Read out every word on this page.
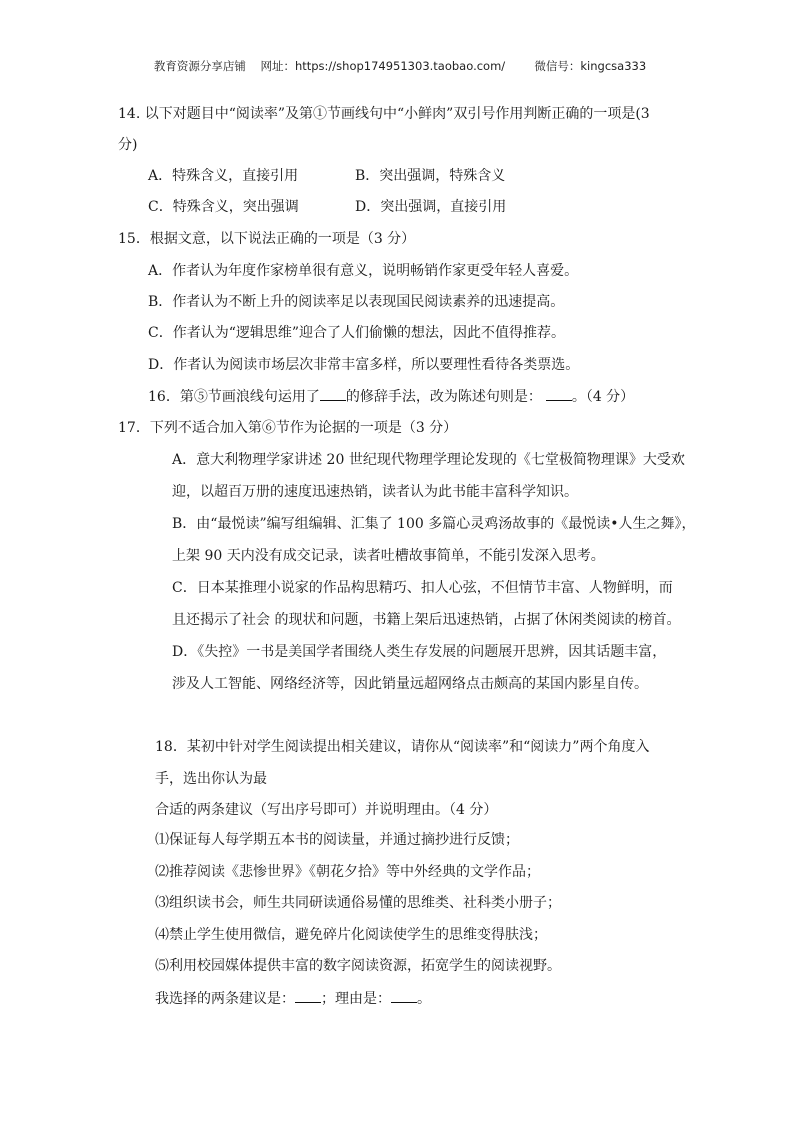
教育资源分享店铺    网址：https://shop174951303.taobao.com/        微信号：kingcsa333
14. 以下对题目中“阅读率”及第①节画线句中“小鲜肉”双引号作用判断正确的一项是(3
分)
A．特殊含义，直接引用	B．突出强调，特殊含义
C．特殊含义，突出强调	D．突出强调，直接引用
15．根据文意，以下说法正确的一项是（3 分）
A．作者认为年度作家榜单很有意义，说明畅销作家更受年轻人喜爱。
B．作者认为不断上升的阅读率足以表现国民阅读素养的迅速提高。
C．作者认为“逻辑思维”迎合了人们偷懒的想法，因此不值得推荐。
D．作者认为阅读市场层次非常丰富多样，所以要理性看待各类票选。
16．第⑤节画浪线句运用了 的修辞手法，改为陈述句则是： 。（4 分）
17．下列不适合加入第⑥节作为论据的一项是（3 分）
A．意大利物理学家讲述 20 世纪现代物理学理论发现的《七堂极简物理课》大受欢
迎，以超百万册的速度迅速热销，读者认为此书能丰富科学知识。
B．由“最悦读”编写组编辑、汇集了 100 多篇心灵鸡汤故事的《最悦读•人生之舞》，
上架 90 天内没有成交记录，读者吐槽故事简单，不能引发深入思考。
C．日本某推理小说家的作品构思精巧、扣人心弦，不但情节丰富、人物鲜明，而
且还揭示了社会 的现状和问题，书籍上架后迅速热销，占据了休闲类阅读的榜首。
D．《失控》一书是美国学者围绕人类生存发展的问题展开思辨，因其话题丰富，
涉及人工智能、网络经济等，因此销量远超网络点击颇高的某国内影星自传。
18．某初中针对学生阅读提出相关建议，请你从“阅读率”和“阅读力”两个角度入
手，选出你认为最
合适的两条建议（写出序号即可）并说明理由。（4 分）
⑴保证每人每学期五本书的阅读量，并通过摘抄进行反馈；
⑵推荐阅读《悲惨世界》《朝花夕拾》等中外经典的文学作品；
⑶组织读书会，师生共同研读通俗易懂的思维类、社科类小册子；
⑷禁止学生使用微信，避免碎片化阅读使学生的思维变得肤浅；
⑸利用校园媒体提供丰富的数字阅读资源，拓宽学生的阅读视野。
我选择的两条建议是： ；理由是： 。
